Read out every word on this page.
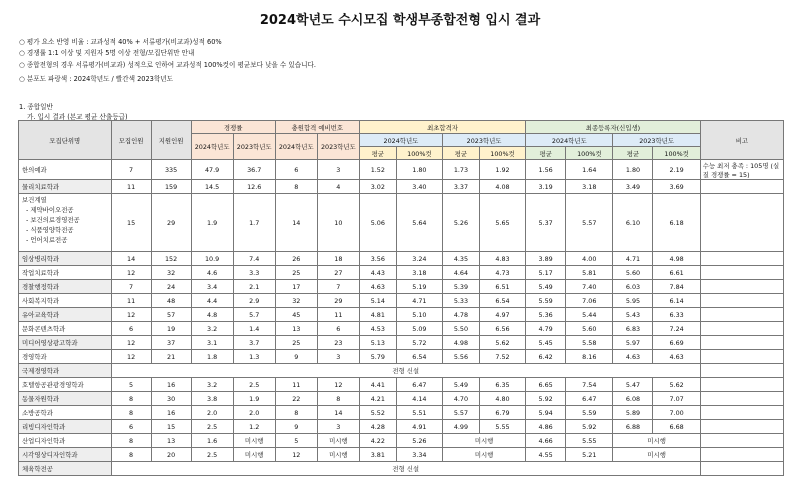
2024학년도 수시모집 학생부종합전형 입시 결과
○ 평가 요소 반영 비율 : 교과성적 40% + 서류평가(비교과)성적 60%
○ 경쟁률 1:1 이상 및 지원자 5명 이상 전형/모집단위만 안내
○ 종합전형의 경우 서류평가(비교과) 성적으로 인하여 교과성적 100%컷이 평균보다 낮을 수 있습니다.
○ 분포도 파랑색 : 2024학년도 / 빨간색 2023학년도
1. 종합일반
가. 입시 결과 (본교 평균 산출등급)
모집단위명	모집인원	지원인원	경쟁률		충원합격 예비번호		최초합격자				최종등록자(신입생)				비고
			2024학년도	2023학년도	2024학년도	2023학년도	2024학년도		2023학년도		2024학년도		2023학년도		
							평균	100%컷	평균	100%컷	평균	100%컷	평균	100%컷	
한의예과	7	335	47.9	36.7	6	3	1.52	1.80	1.73	1.92	1.56	1.64	1.80	2.19	수능 최저 충족 : 105명 (실질 경쟁률 = 15)
물리치료학과	11	159	14.5	12.6	8	4	3.02	3.40	3.37	4.08	3.19	3.18	3.49	3.69	

보건계열
- 제약바이오전공
- 보건의료경영전공
- 식품영양학전공
- 언어치료전공	15	29	1.9	1.7	14	10	5.06	5.64	5.26	5.65	5.37	5.57	6.10	6.18	
임상병리학과	14	152	10.9	7.4	26	18	3.56	3.24	4.35	4.83	3.89	4.00	4.71	4.98	
작업치료학과	12	32	4.6	3.3	25	27	4.43	3.18	4.64	4.73	5.17	5.81	5.60	6.61	
경찰행정학과	7	24	3.4	2.1	17	7	4.63	5.19	5.39	6.51	5.49	7.40	6.03	7.84	
사회복지학과	11	48	4.4	2.9	32	29	5.14	4.71	5.33	6.54	5.59	7.06	5.95	6.14	
유아교육학과	12	57	4.8	5.7	45	11	4.81	5.10	4.78	4.97	5.36	5.44	5.43	6.33	
문화콘텐츠학과	6	19	3.2	1.4	13	6	4.53	5.09	5.50	6.56	4.79	5.60	6.83	7.24	
미디어영상광고학과	12	37	3.1	3.7	25	23	5.13	5.72	4.98	5.62	5.45	5.58	5.97	6.69	
경영학과	12	21	1.8	1.3	9	3	5.79	6.54	5.56	7.52	6.42	8.16	4.63	4.63	
국제경영학과	전형 신설														
호텔항공관광경영학과	5	16	3.2	2.5	11	12	4.41	6.47	5.49	6.35	6.65	7.54	5.47	5.62	
동물자원학과	8	30	3.8	1.9	22	8	4.21	4.14	4.70	4.80	5.92	6.47	6.08	7.07	
소방공학과	8	16	2.0	2.0	8	14	5.52	5.51	5.57	6.79	5.94	5.59	5.89	7.00	
리빙디자인학과	6	15	2.5	1.2	9	3	4.28	4.91	4.99	5.55	4.86	5.92	6.88	6.68	
산업디자인학과	8	13	1.6	미시행	5	미시행	4.22	5.26	미시행		4.66	5.55	미시행		
시각영상디자인학과	8	20	2.5	미시행	12	미시행	3.81	3.34	미시행		4.55	5.21	미시행		
체육학전공	전형 신설														
